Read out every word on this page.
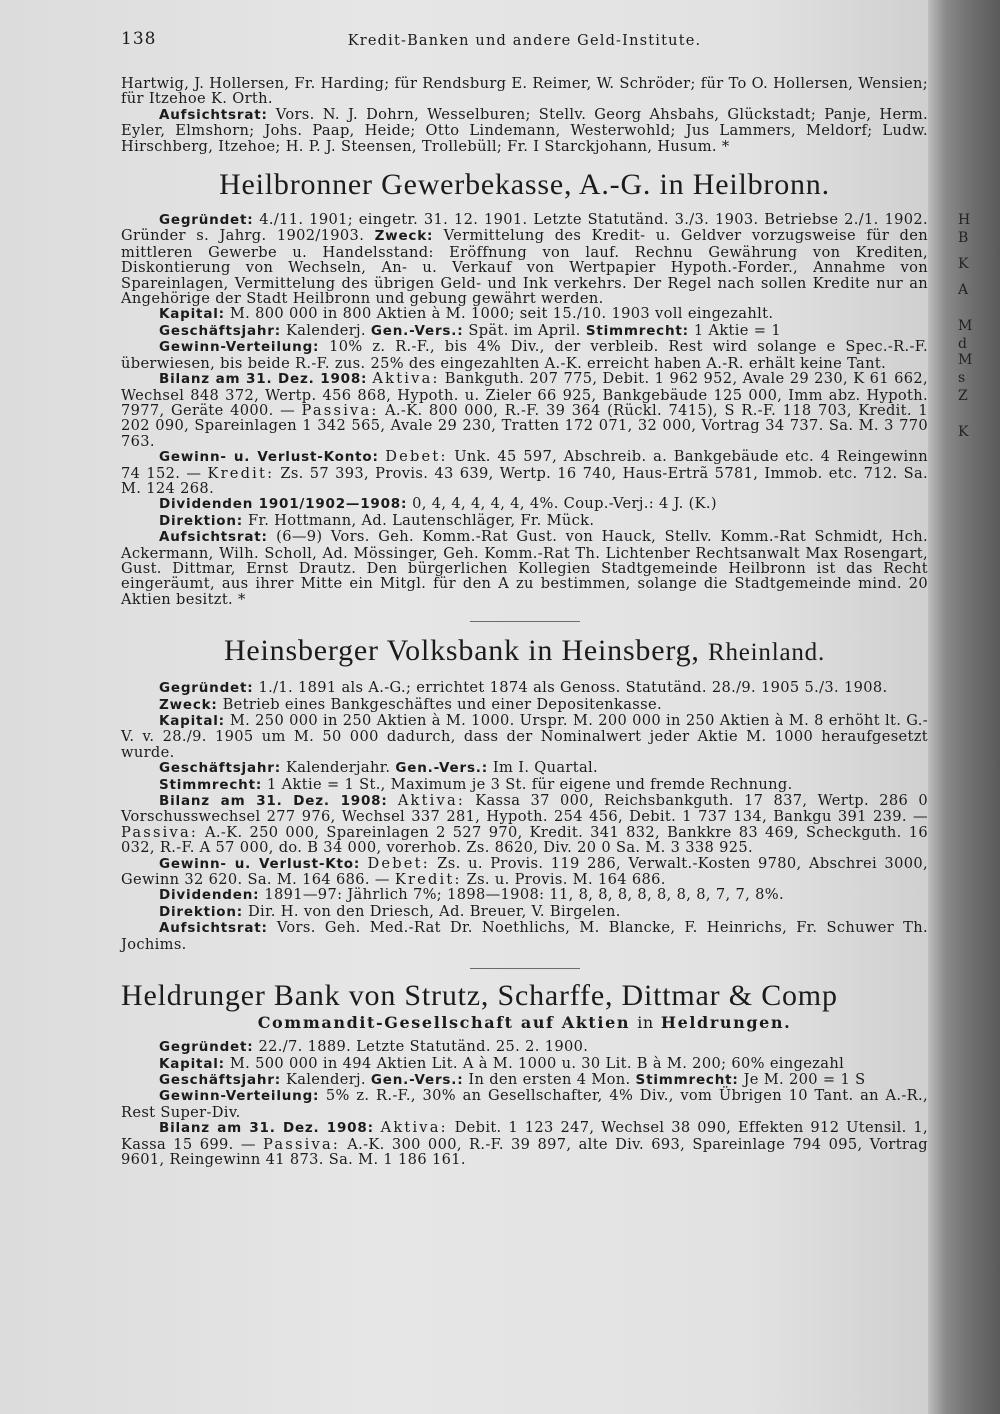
138	Kredit-Banken und andere Geld-Institute.

Hartwig, J. Hollersen, Fr. Harding; für Rendsburg E. Reimer, W. Schröder; für To O. Hollersen, Wensien; für Itzehoe K. Orth.

Aufsichtsrat: Vors. N. J. Dohrn, Wesselburen; Stellv. Georg Ahsbahs, Glückstadt; Panje, Herm. Eyler, Elmshorn; Johs. Paap, Heide; Otto Lindemann, Westerwohld; Jus Lammers, Meldorf; Ludw. Hirschberg, Itzehoe; H. P. J. Steensen, Trollebüll; Fr. I Starckjohann, Husum. *

Heilbronner Gewerbekasse, A.-G. in Heilbronn.

Gegründet: 4./11. 1901; eingetr. 31. 12. 1901. Letzte Statutänd. 3./3. 1903. Betriebse 2./1. 1902. Gründer s. Jahrg. 1902/1903. Zweck: Vermittelung des Kredit- u. Geldver vorzugsweise für den mittleren Gewerbe u. Handelsstand: Eröffnung von lauf. Rechnu Gewährung von Krediten, Diskontierung von Wechseln, An- u. Verkauf von Wertpapier Hypoth.-Forder., Annahme von Spareinlagen, Vermittelung des übrigen Geld- und Ink verkehrs. Der Regel nach sollen Kredite nur an Angehörige der Stadt Heilbronn und gebung gewährt werden.

Kapital: M. 800 000 in 800 Aktien à M. 1000; seit 15./10. 1903 voll eingezahlt.

Geschäftsjahr: Kalenderj. Gen.-Vers.: Spät. im April. Stimmrecht: 1 Aktie = 1

Gewinn-Verteilung: 10% z. R.-F., bis 4% Div., der verbleib. Rest wird solange e Spec.-R.-F. überwiesen, bis beide R.-F. zus. 25% des eingezahlten A.-K. erreicht haben A.-R. erhält keine Tant.

Bilanz am 31. Dez. 1908: Aktiva: Bankguth. 207 775, Debit. 1 962 952, Avale 29 230, K 61 662, Wechsel 848 372, Wertp. 456 868, Hypoth. u. Zieler 66 925, Bankgebäude 125 000, Imm abz. Hypoth. 7977, Geräte 4000. — Passiva: A.-K. 800 000, R.-F. 39 364 (Rückl. 7415), S R.-F. 118 703, Kredit. 1 202 090, Spareinlagen 1 342 565, Avale 29 230, Tratten 172 071, 32 000, Vortrag 34 737. Sa. M. 3 770 763.

Gewinn- u. Verlust-Konto: Debet: Unk. 45 597, Abschreib. a. Bankgebäude etc. 4 Reingewinn 74 152. — Kredit: Zs. 57 393, Provis. 43 639, Wertp. 16 740, Haus-Ertrã 5781, Immob. etc. 712. Sa. M. 124 268.

Dividenden 1901/1902—1908: 0, 4, 4, 4, 4, 4, 4%. Coup.-Verj.: 4 J. (K.)

Direktion: Fr. Hottmann, Ad. Lautenschläger, Fr. Mück.

Aufsichtsrat: (6—9) Vors. Geh. Komm.-Rat Gust. von Hauck, Stellv. Komm.-Rat Schmidt, Hch. Ackermann, Wilh. Scholl, Ad. Mössinger, Geh. Komm.-Rat Th. Lichtenber Rechtsanwalt Max Rosengart, Gust. Dittmar, Ernst Drautz. Den bürgerlichen Kollegien Stadtgemeinde Heilbronn ist das Recht eingeräumt, aus ihrer Mitte ein Mitgl. für den A zu bestimmen, solange die Stadtgemeinde mind. 20 Aktien besitzt. *

Heinsberger Volksbank in Heinsberg, Rheinland.

Gegründet: 1./1. 1891 als A.-G.; errichtet 1874 als Genoss. Statutänd. 28./9. 1905 5./3. 1908.

Zweck: Betrieb eines Bankgeschäftes und einer Depositenkasse.

Kapital: M. 250 000 in 250 Aktien à M. 1000. Urspr. M. 200 000 in 250 Aktien à M. 8 erhöht lt. G.-V. v. 28./9. 1905 um M. 50 000 dadurch, dass der Nominalwert jeder Aktie M. 1000 heraufgesetzt wurde.

Geschäftsjahr: Kalenderjahr. Gen.-Vers.: Im I. Quartal.

Stimmrecht: 1 Aktie = 1 St., Maximum je 3 St. für eigene und fremde Rechnung.

Bilanz am 31. Dez. 1908: Aktiva: Kassa 37 000, Reichsbankguth. 17 837, Wertp. 286 0 Vorschusswechsel 277 976, Wechsel 337 281, Hypoth. 254 456, Debit. 1 737 134, Bankgu 391 239. — Passiva: A.-K. 250 000, Spareinlagen 2 527 970, Kredit. 341 832, Bankkre 83 469, Scheckguth. 16 032, R.-F. A 57 000, do. B 34 000, vorerhob. Zs. 8620, Div. 20 0 Sa. M. 3 338 925.

Gewinn- u. Verlust-Kto: Debet: Zs. u. Provis. 119 286, Verwalt.-Kosten 9780, Abschrei 3000, Gewinn 32 620. Sa. M. 164 686. — Kredit: Zs. u. Provis. M. 164 686.

Dividenden: 1891—97: Jährlich 7%; 1898—1908: 11, 8, 8, 8, 8, 8, 8, 8, 7, 7, 8%.

Direktion: Dir. H. von den Driesch, Ad. Breuer, V. Birgelen.

Aufsichtsrat: Vors. Geh. Med.-Rat Dr. Noethlichs, M. Blancke, F. Heinrichs, Fr. Schuwer Th. Jochims.

Heldrunger Bank von Strutz, Scharffe, Dittmar & Comp
Commandit-Gesellschaft auf Aktien in Heldrungen.

Gegründet: 22./7. 1889. Letzte Statutänd. 25. 2. 1900.

Kapital: M. 500 000 in 494 Aktien Lit. A à M. 1000 u. 30 Lit. B à M. 200; 60% eingezahl

Geschäftsjahr: Kalenderj. Gen.-Vers.: In den ersten 4 Mon. Stimmrecht: Je M. 200 = 1 S

Gewinn-Verteilung: 5% z. R.-F., 30% an Gesellschafter, 4% Div., vom Übrigen 10 Tant. an A.-R., Rest Super-Div.

Bilanz am 31. Dez. 1908: Aktiva: Debit. 1 123 247, Wechsel 38 090, Effekten 912 Utensil. 1, Kassa 15 699. — Passiva: A.-K. 300 000, R.-F. 39 897, alte Div. 693, Spareinlage 794 095, Vortrag 9601, Reingewinn 41 873. Sa. M. 1 186 161.

H
B
K
A
M
d
M
s
Z
K
